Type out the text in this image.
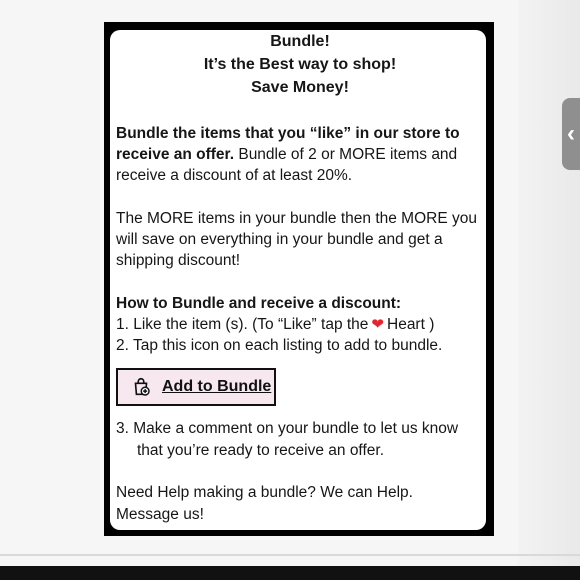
‹
Bundle!
It’s the Best way to shop!
Save Money!
Bundle the items that you “like” in our store to receive an offer. Bundle of 2 or MORE items and receive a discount of at least 20%.
The MORE items in your bundle then the MORE you will save on everything in your bundle and get a shipping discount!
How to Bundle and receive a discount:
1. Like the item (s). (To “Like” tap the ❤ Heart )
2. Tap this icon on each listing to add to bundle.
Add to Bundle
3. Make a comment on your bundle to let us know
that you’re ready to receive an offer.
Need Help making a bundle? We can Help.
Message us!
